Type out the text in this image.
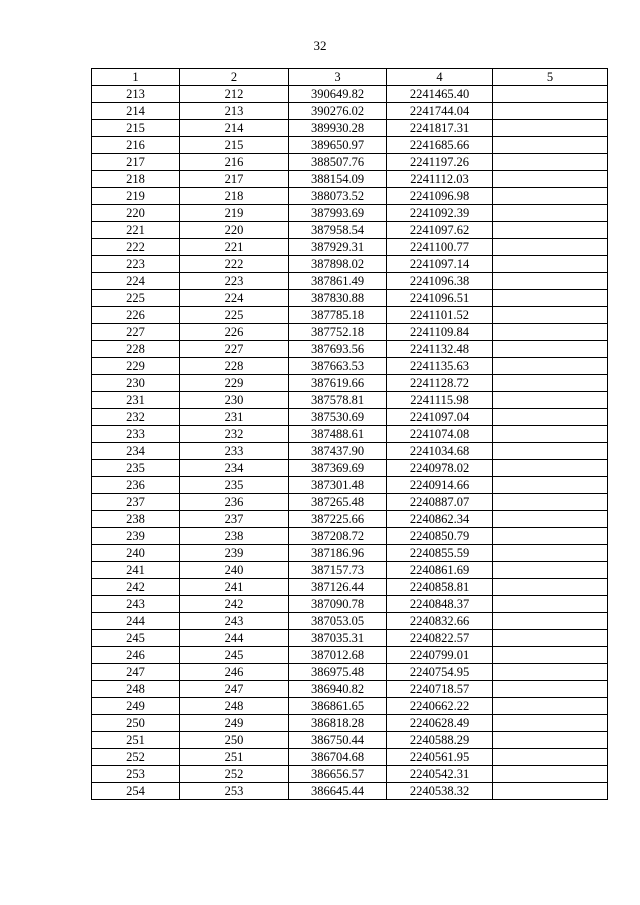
32
1	2	3	4	5
213	212	390649.82	2241465.40	
214	213	390276.02	2241744.04	
215	214	389930.28	2241817.31	
216	215	389650.97	2241685.66	
217	216	388507.76	2241197.26	
218	217	388154.09	2241112.03	
219	218	388073.52	2241096.98	
220	219	387993.69	2241092.39	
221	220	387958.54	2241097.62	
222	221	387929.31	2241100.77	
223	222	387898.02	2241097.14	
224	223	387861.49	2241096.38	
225	224	387830.88	2241096.51	
226	225	387785.18	2241101.52	
227	226	387752.18	2241109.84	
228	227	387693.56	2241132.48	
229	228	387663.53	2241135.63	
230	229	387619.66	2241128.72	
231	230	387578.81	2241115.98	
232	231	387530.69	2241097.04	
233	232	387488.61	2241074.08	
234	233	387437.90	2241034.68	
235	234	387369.69	2240978.02	
236	235	387301.48	2240914.66	
237	236	387265.48	2240887.07	
238	237	387225.66	2240862.34	
239	238	387208.72	2240850.79	
240	239	387186.96	2240855.59	
241	240	387157.73	2240861.69	
242	241	387126.44	2240858.81	
243	242	387090.78	2240848.37	
244	243	387053.05	2240832.66	
245	244	387035.31	2240822.57	
246	245	387012.68	2240799.01	
247	246	386975.48	2240754.95	
248	247	386940.82	2240718.57	
249	248	386861.65	2240662.22	
250	249	386818.28	2240628.49	
251	250	386750.44	2240588.29	
252	251	386704.68	2240561.95	
253	252	386656.57	2240542.31	
254	253	386645.44	2240538.32	
